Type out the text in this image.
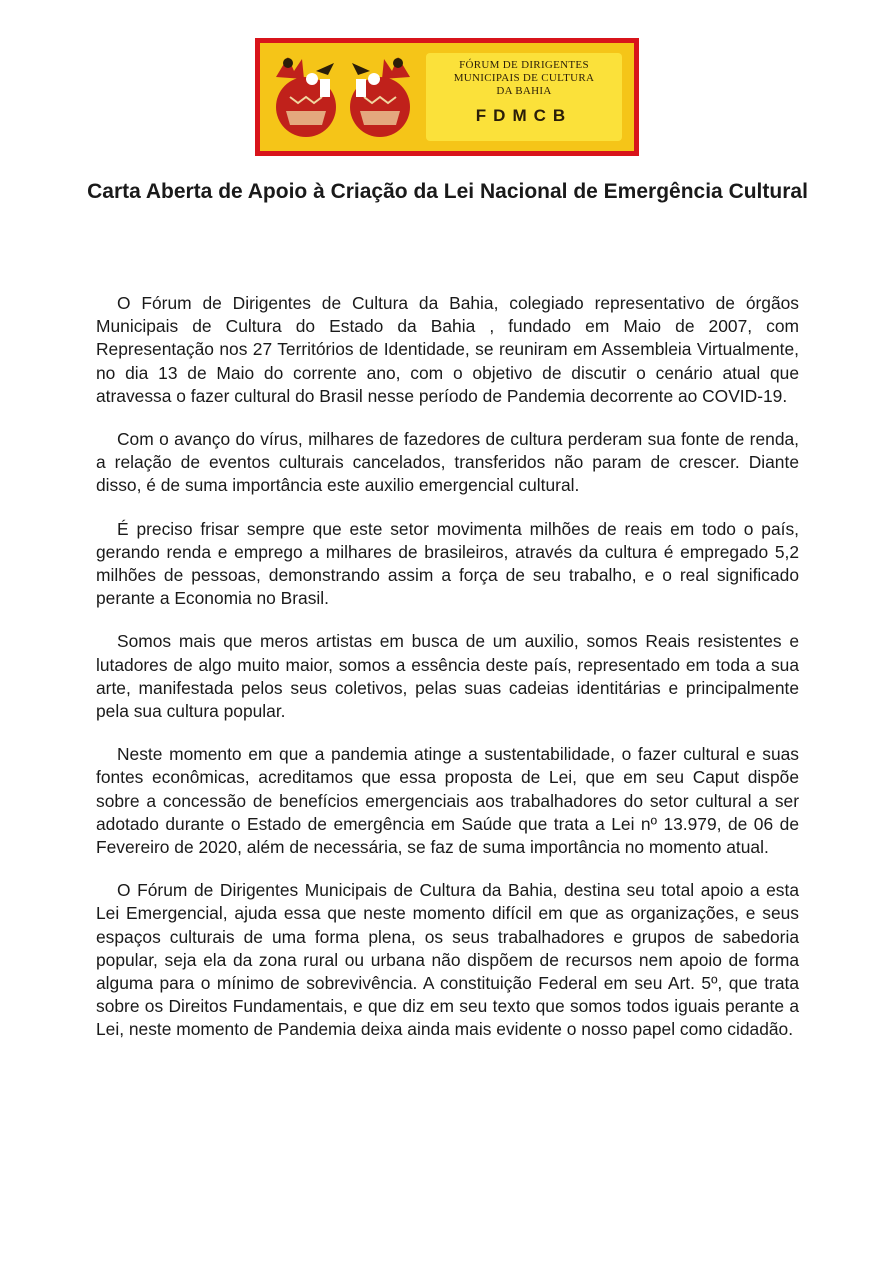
FÓRUM DE DIRIGENTES
MUNICIPAIS DE CULTURA
DA BAHIA
FDMCB
Carta Aberta de Apoio à Criação da Lei Nacional de Emergência Cultural

O Fórum de Dirigentes de Cultura da Bahia, colegiado representativo de órgãos Municipais de Cultura do Estado da Bahia , fundado em Maio de 2007, com Representação nos 27 Territórios de Identidade, se reuniram em Assembleia Virtualmente, no dia 13 de Maio do corrente ano, com o objetivo de discutir o cenário atual que atravessa o fazer cultural do Brasil nesse período de Pandemia decorrente ao COVID-19.

Com o avanço do vírus, milhares de fazedores de cultura perderam sua fonte de renda, a relação de eventos culturais cancelados, transferidos não param de crescer. Diante disso, é de suma importância este auxilio emergencial cultural.

É preciso frisar sempre que este setor movimenta milhões de reais em todo o país, gerando renda e emprego a milhares de brasileiros, através da cultura é empregado 5,2 milhões de pessoas, demonstrando assim a força de seu trabalho, e o real significado perante a Economia no Brasil.

Somos mais que meros artistas em busca de um auxilio, somos Reais resistentes e lutadores de algo muito maior, somos a essência deste país, representado em toda a sua arte, manifestada pelos seus coletivos, pelas suas cadeias identitárias e principalmente pela sua cultura popular.

Neste momento em que a pandemia atinge a sustentabilidade, o fazer cultural e suas fontes econômicas, acreditamos que essa proposta de Lei, que em seu Caput dispõe sobre a concessão de benefícios emergenciais aos trabalhadores do setor cultural a ser adotado durante o Estado de emergência em Saúde que trata a Lei nº 13.979, de 06 de Fevereiro de 2020, além de necessária, se faz de suma importância no momento atual.

O Fórum de Dirigentes Municipais de Cultura da Bahia, destina seu total apoio a esta Lei Emergencial, ajuda essa que neste momento difícil em que as organizações, e seus espaços culturais de uma forma plena, os seus trabalhadores e grupos de sabedoria popular, seja ela da zona rural ou urbana não dispõem de recursos nem apoio de forma alguma para o mínimo de sobrevivência. A constituição Federal em seu Art. 5º, que trata sobre os Direitos Fundamentais, e que diz em seu texto que somos todos iguais perante a Lei, neste momento de Pandemia deixa ainda mais evidente o nosso papel como cidadão.
